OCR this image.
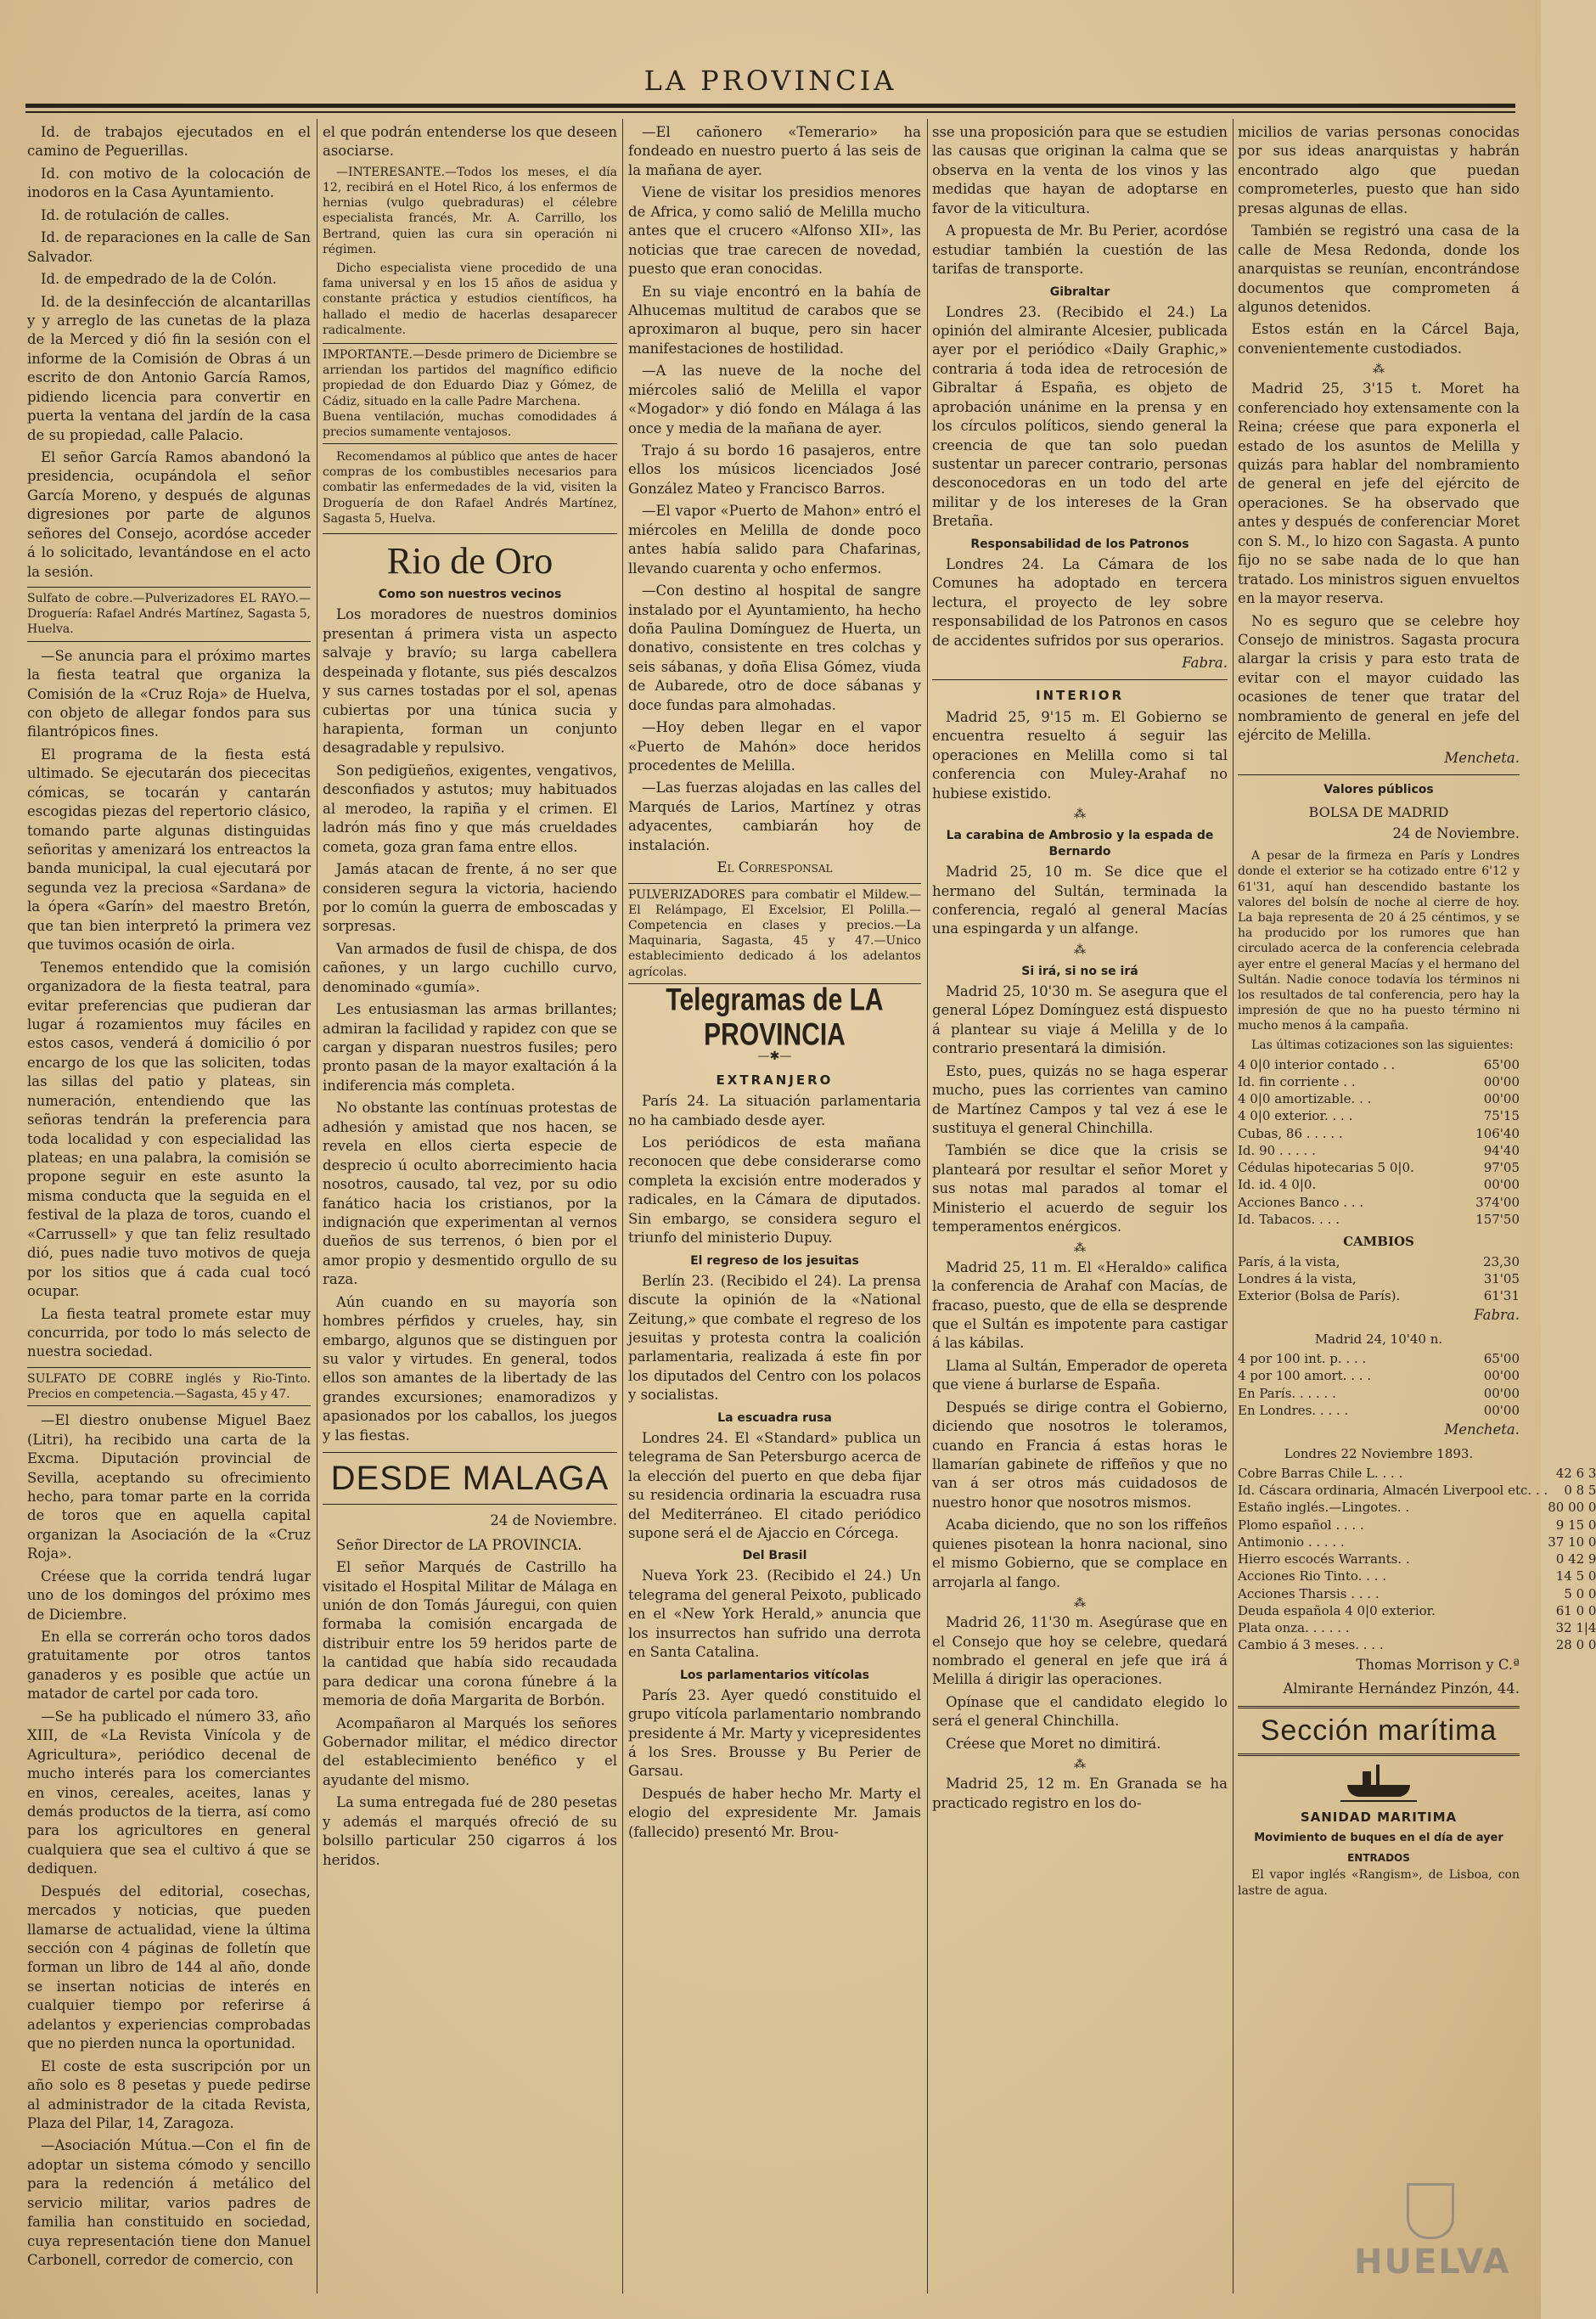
LA PROVINCIA

Id. de trabajos ejecutados en el camino de Peguerillas.

Id. con motivo de la colocación de inodoros en la Casa Ayuntamiento.

Id. de rotulación de calles.

Id. de reparaciones en la calle de San Salvador.

Id. de empedrado de la de Colón.

Id. de la desinfección de alcantarillas y y arreglo de las cunetas de la plaza de la Merced y dió fin la sesión con el informe de la Comisión de Obras á un escrito de don Antonio García Ramos, pidiendo licencia para convertir en puerta la ventana del jardín de la casa de su propiedad, calle Palacio.

El señor García Ramos abandonó la presidencia, ocupándola el señor García Moreno, y después de algunas digresiones por parte de algunos señores del Consejo, acordóse acceder á lo solicitado, levantándose en el acto la sesión.

Sulfato de cobre.—Pulverizadores EL RAYO.—Droguería: Rafael Andrés Martínez, Sagasta 5, Huelva.

—Se anuncia para el próximo martes la fiesta teatral que organiza la Comisión de la «Cruz Roja» de Huelva, con objeto de allegar fondos para sus filantrópicos fines.

El programa de la fiesta está ultimado. Se ejecutarán dos piececitas cómicas, se tocarán y cantarán escogidas piezas del repertorio clásico, tomando parte algunas distinguidas señoritas y amenizará los entreactos la banda municipal, la cual ejecutará por segunda vez la preciosa «Sardana» de la ópera «Garín» del maestro Bretón, que tan bien interpretó la primera vez que tuvimos ocasión de oirla.

Tenemos entendido que la comisión organizadora de la fiesta teatral, para evitar preferencias que pudieran dar lugar á rozamientos muy fáciles en estos casos, venderá á domicilio ó por encargo de los que las soliciten, todas las sillas del patio y plateas, sin numeración, entendiendo que las señoras tendrán la preferencia para toda localidad y con especialidad las plateas; en una palabra, la comisión se propone seguir en este asunto la misma conducta que la seguida en el festival de la plaza de toros, cuando el «Carrussell» y que tan feliz resultado dió, pues nadie tuvo motivos de queja por los sitios que á cada cual tocó ocupar.

La fiesta teatral promete estar muy concurrida, por todo lo más selecto de nuestra sociedad.

SULFATO DE COBRE inglés y Rio-Tinto. Precios en competencia.—Sagasta, 45 y 47.

—El diestro onubense Miguel Baez (Litri), ha recibido una carta de la Excma. Diputación provincial de Sevilla, aceptando su ofrecimiento hecho, para tomar parte en la corrida de toros que en aquella capital organizan la Asociación de la «Cruz Roja».

Créese que la corrida tendrá lugar uno de los domingos del próximo mes de Diciembre.

En ella se correrán ocho toros dados gratuitamente por otros tantos ganaderos y es posible que actúe un matador de cartel por cada toro.

—Se ha publicado el número 33, año XIII, de «La Revista Vinícola y de Agricultura», periódico decenal de mucho interés para los comerciantes en vinos, cereales, aceites, lanas y demás productos de la tierra, así como para los agricultores en general cualquiera que sea el cultivo á que se dediquen.

Después del editorial, cosechas, mercados y noticias, que pueden llamarse de actualidad, viene la última sección con 4 páginas de folletín que forman un libro de 144 al año, donde se insertan noticias de interés en cualquier tiempo por referirse á adelantos y experiencias comprobadas que no pierden nunca la oportunidad.

El coste de esta suscripción por un año solo es 8 pesetas y puede pedirse al administrador de la citada Revista, Plaza del Pilar, 14, Zaragoza.

—Asociación Mútua.—Con el fin de adoptar un sistema cómodo y sencillo para la redención á metálico del servicio militar, varios padres de familia han constituido en sociedad, cuya representación tiene don Manuel Carbonell, corredor de comercio, con

el que podrán entenderse los que deseen asociarse.

—INTERESANTE.—Todos los meses, el día 12, recibirá en el Hotel Rico, á los enfermos de hernias (vulgo quebraduras) el célebre especialista francés, Mr. A. Carrillo, los Bertrand, quien las cura sin operación ni régimen.

Dicho especialista viene procedido de una fama universal y en los 15 años de asidua y constante práctica y estudios científicos, ha hallado el medio de hacerlas desaparecer radicalmente.

IMPORTANTE.—Desde primero de Diciembre se arriendan los partidos del magnífico edificio propiedad de don Eduardo Diaz y Gómez, de Cádiz, situado en la calle Padre Marchena.
Buena ventilación, muchas comodidades á precios sumamente ventajosos.

Recomendamos al público que antes de hacer compras de los combustibles necesarios para combatir las enfermedades de la vid, visiten la Droguería de don Rafael Andrés Martínez, Sagasta 5, Huelva.

Rio de Oro
Como son nuestros vecinos

Los moradores de nuestros dominios presentan á primera vista un aspecto salvaje y bravío; su larga cabellera despeinada y flotante, sus piés descalzos y sus carnes tostadas por el sol, apenas cubiertas por una túnica sucia y harapienta, forman un conjunto desagradable y repulsivo.

Son pedigüeños, exigentes, vengativos, desconfiados y astutos; muy habituados al merodeo, la rapiña y el crimen. El ladrón más fino y que más crueldades cometa, goza gran fama entre ellos.

Jamás atacan de frente, á no ser que consideren segura la victoria, haciendo por lo común la guerra de emboscadas y sorpresas.

Van armados de fusil de chispa, de dos cañones, y un largo cuchillo curvo, denominado «gumía».

Les entusiasman las armas brillantes; admiran la facilidad y rapidez con que se cargan y disparan nuestros fusiles; pero pronto pasan de la mayor exaltación á la indiferencia más completa.

No obstante las contínuas protestas de adhesión y amistad que nos hacen, se revela en ellos cierta especie de desprecio ú oculto aborrecimiento hacia nosotros, causado, tal vez, por su odio fanático hacia los cristianos, por la indignación que experimentan al vernos dueños de sus terrenos, ó bien por el amor propio y desmentido orgullo de su raza.

Aún cuando en su mayoría son hombres pérfidos y crueles, hay, sin embargo, algunos que se distinguen por su valor y virtudes. En general, todos ellos son amantes de la libertady de las grandes excursiones; enamoradizos y apasionados por los caballos, los juegos y las fiestas.

DESDE MALAGA
24 de Noviembre.

Señor Director de LA PROVINCIA.

El señor Marqués de Castrillo ha visitado el Hospital Militar de Málaga en unión de don Tomás Jáuregui, con quien formaba la comisión encargada de distribuir entre los 59 heridos parte de la cantidad que había sido recaudada para dedicar una corona fúnebre á la memoria de doña Margarita de Borbón.

Acompañaron al Marqués los señores Gobernador militar, el médico director del establecimiento benéfico y el ayudante del mismo.

La suma entregada fué de 280 pesetas y además el marqués ofreció de su bolsillo particular 250 cigarros á los heridos.

—El cañonero «Temerario» ha fondeado en nuestro puerto á las seis de la mañana de ayer.

Viene de visitar los presidios menores de Africa, y como salió de Melilla mucho antes que el crucero «Alfonso XII», las noticias que trae carecen de novedad, puesto que eran conocidas.

En su viaje encontró en la bahía de Alhucemas multitud de carabos que se aproximaron al buque, pero sin hacer manifestaciones de hostilidad.

—A las nueve de la noche del miércoles salió de Melilla el vapor «Mogador» y dió fondo en Málaga á las once y media de la mañana de ayer.

Trajo á su bordo 16 pasajeros, entre ellos los músicos licenciados José González Mateo y Francisco Barros.

—El vapor «Puerto de Mahon» entró el miércoles en Melilla de donde poco antes había salido para Chafarinas, llevando cuarenta y ocho enfermos.

—Con destino al hospital de sangre instalado por el Ayuntamiento, ha hecho doña Paulina Domínguez de Huerta, un donativo, consistente en tres colchas y seis sábanas, y doña Elisa Gómez, viuda de Aubarede, otro de doce sábanas y doce fundas para almohadas.

—Hoy deben llegar en el vapor «Puerto de Mahón» doce heridos procedentes de Melilla.

—Las fuerzas alojadas en las calles del Marqués de Larios, Martínez y otras adyacentes, cambiarán hoy de instalación.

El Corresponsal
PULVERIZADORES para combatir el Mildew.—El Relámpago, El Excelsior, El Polilla.—Competencia en clases y precios.—La Maquinaria, Sagasta, 45 y 47.—Unico establecimiento dedicado á los adelantos agrícolas.
Telegramas de LA PROVINCIA
—✱—
EXTRANJERO

París 24. La situación parlamentaria no ha cambiado desde ayer.

Los periódicos de esta mañana reconocen que debe considerarse como completa la excisión entre moderados y radicales, en la Cámara de diputados. Sin embargo, se considera seguro el triunfo del ministerio Dupuy.

El regreso de los jesuitas

Berlín 23. (Recibido el 24). La prensa discute la opinión de la «National Zeitung,» que combate el regreso de los jesuitas y protesta contra la coalición parlamentaria, realizada á este fin por los diputados del Centro con los polacos y socialistas.

La escuadra rusa

Londres 24. El «Standard» publica un telegrama de San Petersburgo acerca de la elección del puerto en que deba fijar su residencia ordinaria la escuadra rusa del Mediterráneo. El citado periódico supone será el de Ajaccio en Córcega.

Del Brasil

Nueva York 23. (Recibido el 24.) Un telegrama del general Peixoto, publicado en el «New York Herald,» anuncia que los insurrectos han sufrido una derrota en Santa Catalina.

Los parlamentarios vitícolas

París 23. Ayer quedó constituido el grupo vitícola parlamentario nombrando presidente á Mr. Marty y vicepresidentes á los Sres. Brousse y Bu Perier de Garsau.

Después de haber hecho Mr. Marty el elogio del expresidente Mr. Jamais (fallecido) presentó Mr. Brou-

sse una proposición para que se estudien las causas que originan la calma que se observa en la venta de los vinos y las medidas que hayan de adoptarse en favor de la viticultura.

A propuesta de Mr. Bu Perier, acordóse estudiar también la cuestión de las tarifas de transporte.

Gibraltar

Londres 23. (Recibido el 24.) La opinión del almirante Alcesier, publicada ayer por el periódico «Daily Graphic,» contraria á toda idea de retrocesión de Gibraltar á España, es objeto de aprobación unánime en la prensa y en los círculos políticos, siendo general la creencia de que tan solo puedan sustentar un parecer contrario, personas desconocedoras en un todo del arte militar y de los intereses de la Gran Bretaña.

Responsabilidad de los Patronos

Londres 24. La Cámara de los Comunes ha adoptado en tercera lectura, el proyecto de ley sobre responsabilidad de los Patronos en casos de accidentes sufridos por sus operarios.

Fabra.
INTERIOR

Madrid 25, 9'15 m. El Gobierno se encuentra resuelto á seguir las operaciones en Melilla como si tal conferencia con Muley-Arahaf no hubiese existido.

⁂
La carabina de Ambrosio y la espada de Bernardo

Madrid 25, 10 m. Se dice que el hermano del Sultán, terminada la conferencia, regaló al general Macías una espingarda y un alfange.

⁂
Si irá, si no se irá

Madrid 25, 10'30 m. Se asegura que el general López Domínguez está dispuesto á plantear su viaje á Melilla y de lo contrario presentará la dimisión.

Esto, pues, quizás no se haga esperar mucho, pues las corrientes van camino de Martínez Campos y tal vez á ese le sustituya el general Chinchilla.

También se dice que la crisis se planteará por resultar el señor Moret y sus notas mal parados al tomar el Ministerio el acuerdo de seguir los temperamentos enérgicos.

⁂

Madrid 25, 11 m. El «Heraldo» califica la conferencia de Arahaf con Macías, de fracaso, puesto, que de ella se desprende que el Sultán es impotente para castigar á las kábilas.

Llama al Sultán, Emperador de opereta que viene á burlarse de España.

Después se dirige contra el Gobierno, diciendo que nosotros le toleramos, cuando en Francia á estas horas le llamarían gabinete de riffeños y que no van á ser otros más cuidadosos de nuestro honor que nosotros mismos.

Acaba diciendo, que no son los riffeños quienes pisotean la honra nacional, sino el mismo Gobierno, que se complace en arrojarla al fango.

⁂

Madrid 26, 11'30 m. Asegúrase que en el Consejo que hoy se celebre, quedará nombrado el general en jefe que irá á Melilla á dirigir las operaciones.

Opínase que el candidato elegido lo será el general Chinchilla.

Créese que Moret no dimitirá.

⁂

Madrid 25, 12 m. En Granada se ha practicado registro en los do-

micilios de varias personas conocidas por sus ideas anarquistas y habrán encontrado algo que puedan comprometerles, puesto que han sido presas algunas de ellas.

También se registró una casa de la calle de Mesa Redonda, donde los anarquistas se reunían, encontrándose documentos que comprometen á algunos detenidos.

Estos están en la Cárcel Baja, convenientemente custodiados.

⁂

Madrid 25, 3'15 t. Moret ha conferenciado hoy extensamente con la Reina; créese que para exponerla el estado de los asuntos de Melilla y quizás para hablar del nombramiento de general en jefe del ejército de operaciones. Se ha observado que antes y después de conferenciar Moret con S. M., lo hizo con Sagasta. A punto fijo no se sabe nada de lo que han tratado. Los ministros siguen envueltos en la mayor reserva.

No es seguro que se celebre hoy Consejo de ministros. Sagasta procura alargar la crisis y para esto trata de evitar con el mayor cuidado las ocasiones de tener que tratar del nombramiento de general en jefe del ejército de Melilla.

Mencheta.
Valores públicos
BOLSA DE MADRID
24 de Noviembre.

A pesar de la firmeza en París y Londres donde el exterior se ha cotizado entre 6'12 y 61'31, aquí han descendido bastante los valores del bolsín de noche al cierre de hoy. La baja representa de 20 á 25 céntimos, y se ha producido por los rumores que han circulado acerca de la conferencia celebrada ayer entre el general Macías y el hermano del Sultán. Nadie conoce todavía los términos ni los resultados de tal conferencia, pero hay la impresión de que no ha puesto término ni mucho menos á la campaña.

Las últimas cotizaciones son las siguientes:

4 0|0 interior contado . .	65'00
Id. fin corriente . .	00'00
4 0|0 amortizable. . .	00'00
4 0|0 exterior. . . .	75'15
Cubas, 86 . . . . .	106'40
Id. 90 . . . . .	94'40
Cédulas hipotecarias 5 0|0.	97'05
Id. id. 4 0|0.	00'00
Acciones Banco . . .	374'00
Id. Tabacos. . . .	157'50
CAMBIOS
París, á la vista,	23,30
Londres á la vista,	31'05
Exterior (Bolsa de París).	61'31
Fabra.
Madrid 24, 10'40 n.
4 por 100 int. p. . . .	65'00
4 por 100 amort. . . .	00'00
En París. . . . . .	00'00
En Londres. . . . .	00'00
Mencheta.
Londres 22 Noviembre 1893.
Cobre Barras Chile L. . . .	42 6 3
Id. Cáscara ordinaria, Almacén Liverpool etc. . .	0 8 5
Estaño inglés.—Lingotes. .	80 00 0
Plomo español . . . .	9 15 0
Antimonio . . . . .	37 10 0
Hierro escocés Warrants. .	0 42 9
Acciones Rio Tinto. . . .	14 5 0
Acciones Tharsis . . . .	5 0 0
Deuda española 4 0|0 exterior.	61 0 0
Plata onza. . . . . .	32 1|4
Cambio á 3 meses. . . .	28 0 0
Thomas Morrison y C.ª
Almirante Hernández Pinzón, 44.
Sección marítima
SANIDAD MARITIMA
Movimiento de buques en el día de ayer
ENTRADOS

El vapor inglés «Rangism», de Lisboa, con lastre de agua.

HUELVA
